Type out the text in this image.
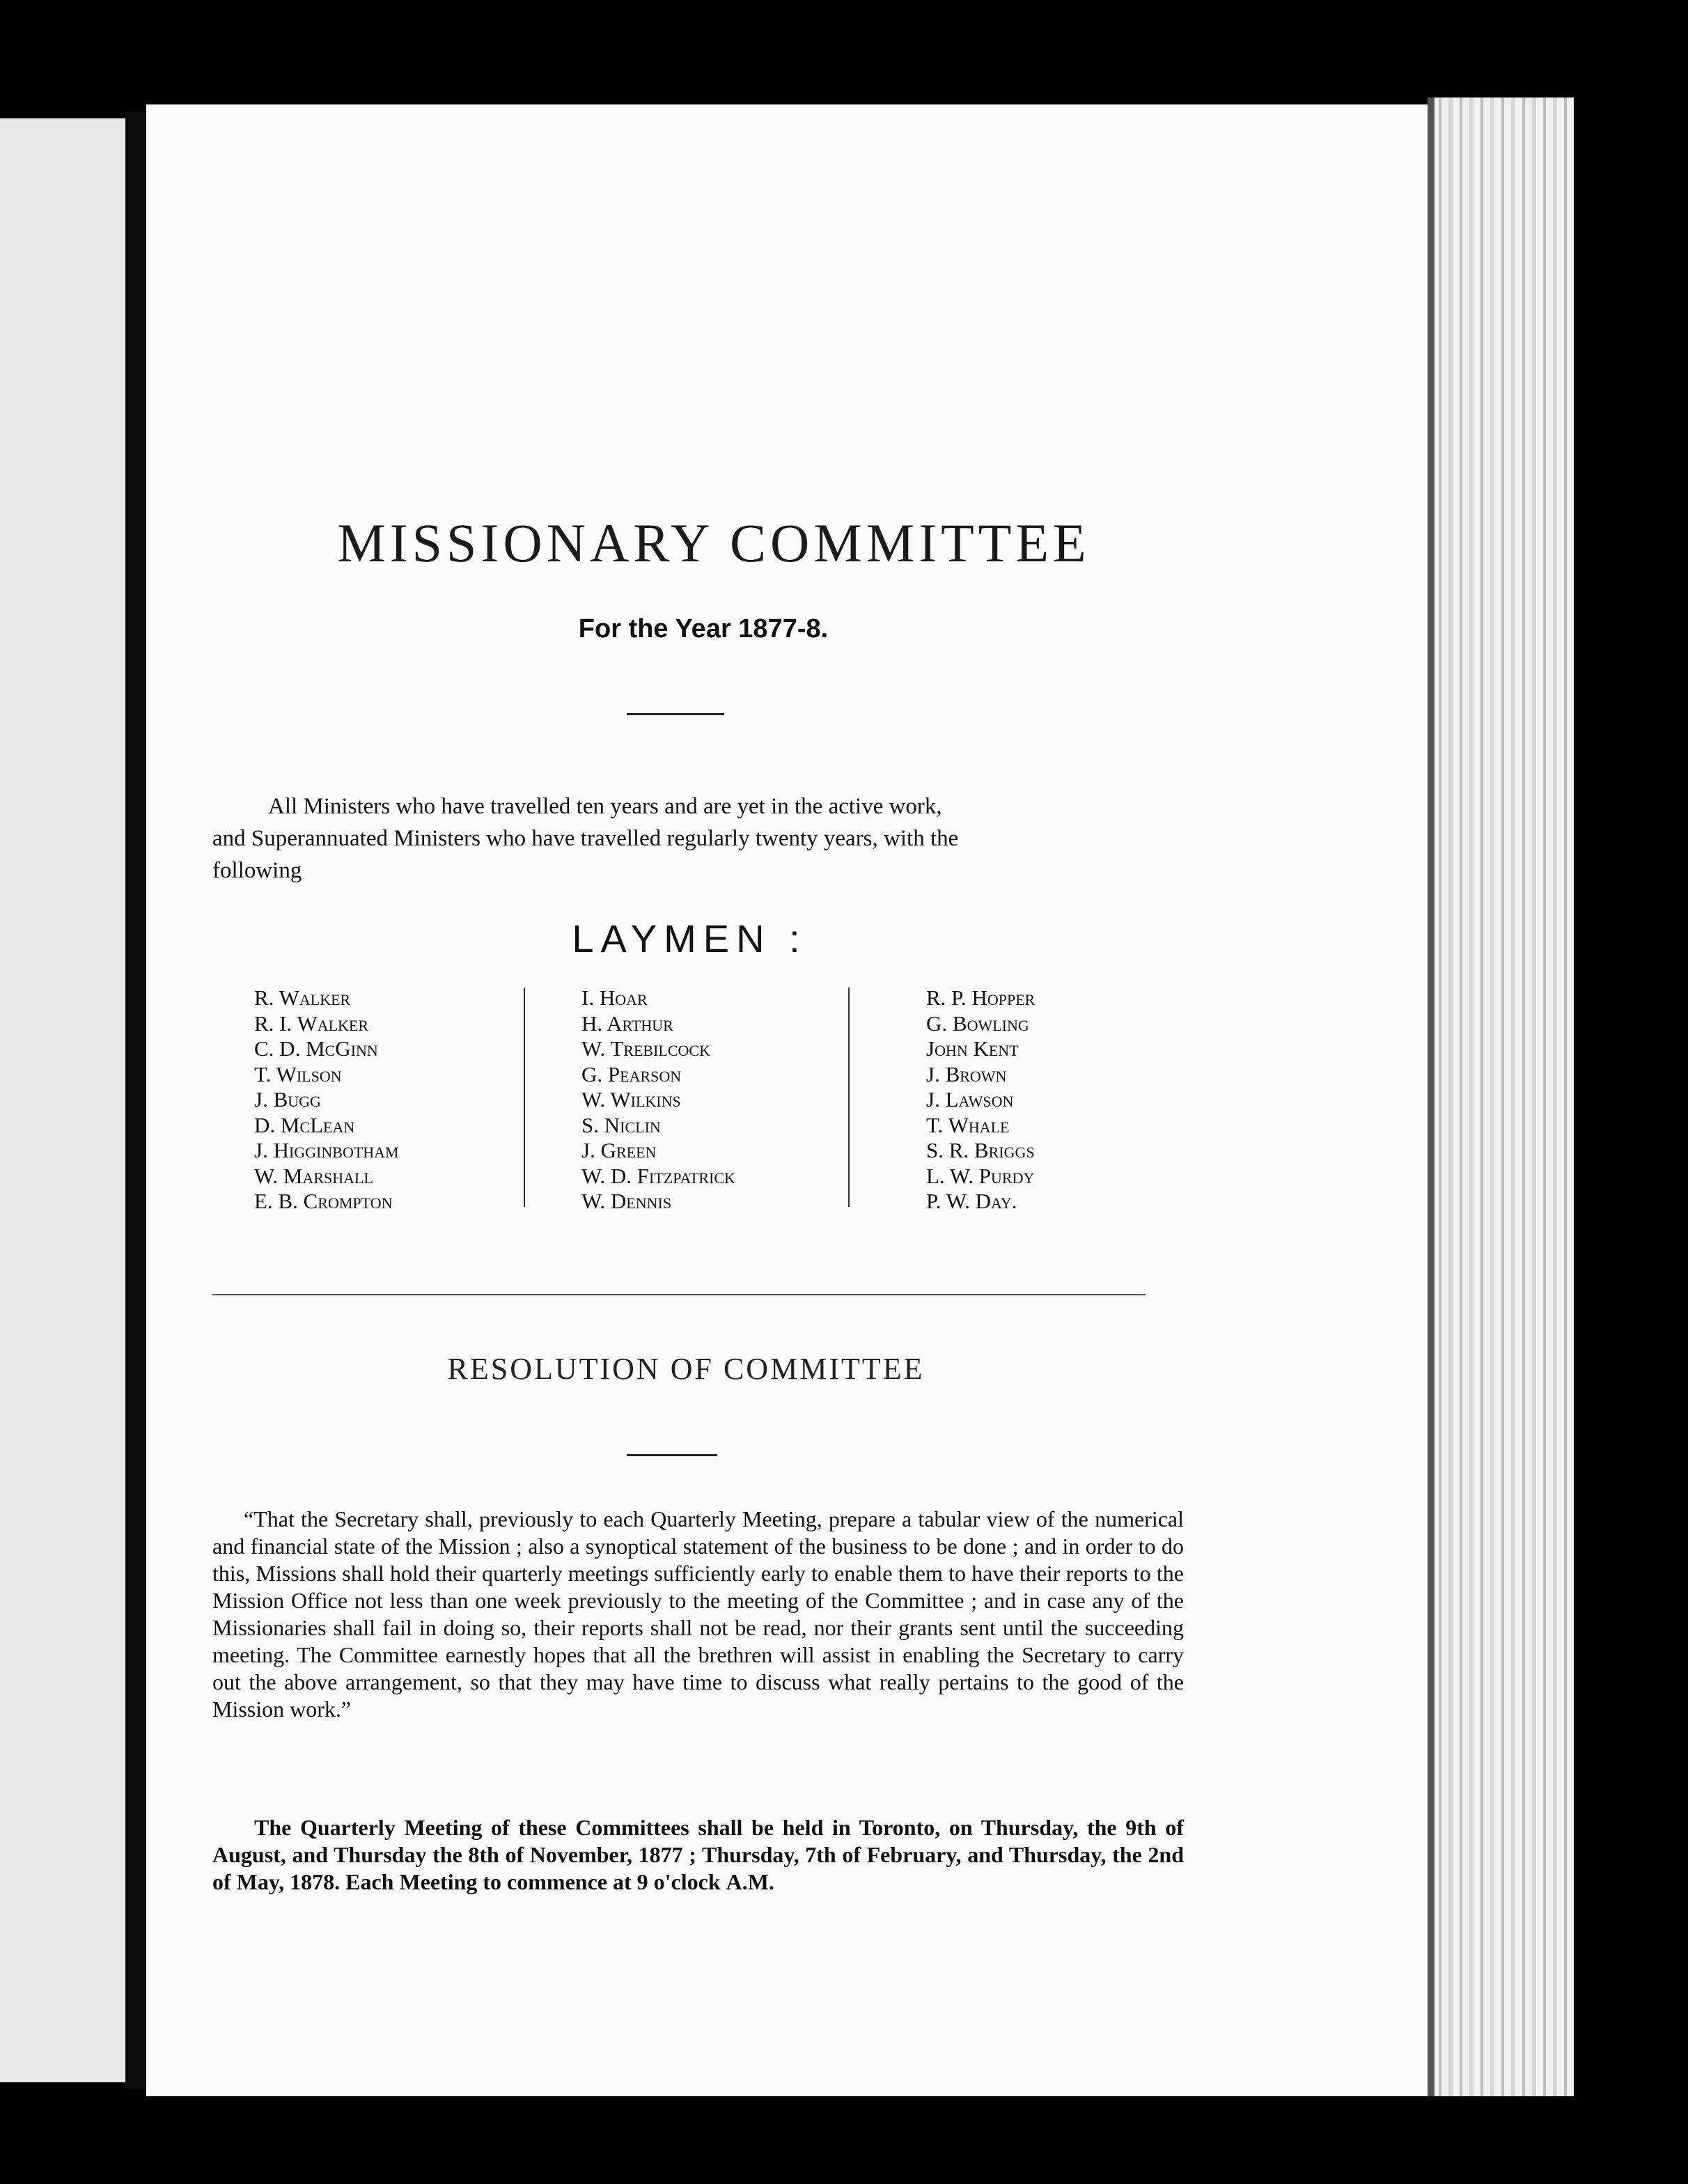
MISSIONARY COMMITTEE
For the Year 1877-8.
All Ministers who have travelled ten years and are yet in the active work,
and Superannuated Ministers who have travelled regularly twenty years, with the
following
LAYMEN :
R. Walker
R. I. Walker
C. D. McGinn
T. Wilson
J. Bugg
D. McLean
J. Higginbotham
W. Marshall
E. B. Crompton
I. Hoar
H. Arthur
W. Trebilcock
G. Pearson
W. Wilkins
S. Niclin
J. Green
W. D. Fitzpatrick
W. Dennis
R. P. Hopper
G. Bowling
John Kent
J. Brown
J. Lawson
T. Whale
S. R. Briggs
L. W. Purdy
P. W. Day.
RESOLUTION OF COMMITTEE

“That the Secretary shall, previously to each Quarterly Meeting, prepare a tabular view of the numerical and financial state of the Mission ; also a synoptical statement of the business to be done ; and in order to do this, Missions shall hold their quarterly meetings sufficiently early to enable them to have their reports to the Mission Office not less than one week previously to the meeting of the Committee ; and in case any of the Missionaries shall fail in doing so, their reports shall not be read, nor their grants sent until the succeeding meeting. The Committee earnestly hopes that all the brethren will assist in enabling the Secretary to carry out the above arrangement, so that they may have time to discuss what really pertains to the good of the Mission work.”

The Quarterly Meeting of these Committees shall be held in Toronto, on Thursday, the 9th of August, and Thursday the 8th of November, 1877 ; Thursday, 7th of February, and Thursday, the 2nd of May, 1878. Each Meeting to commence at 9 o'clock A.M.
